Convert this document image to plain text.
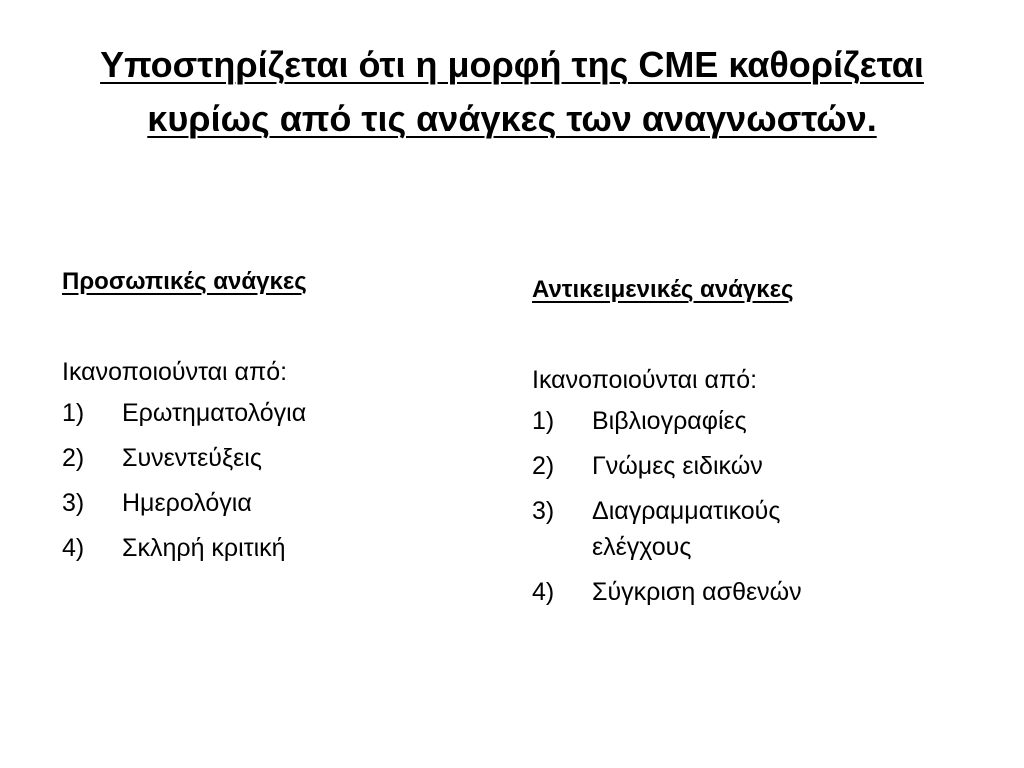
Υποστηρίζεται ότι η μορφή της CME καθορίζεται κυρίως από τις ανάγκες των αναγνωστών.

Προσωπικές ανάγκες

Ικανοποιούνται από:

1)	Ερωτηματολόγια
2)	Συνεντεύξεις
3)	Ημερολόγια
4)	Σκληρή κριτική

Αντικειμενικές ανάγκες

Ικανοποιούνται από:

1)	Βιβλιογραφίες
2)	Γνώμες ειδικών
3)	Διαγραμματικούς ελέγχους
4)	Σύγκριση ασθενών
